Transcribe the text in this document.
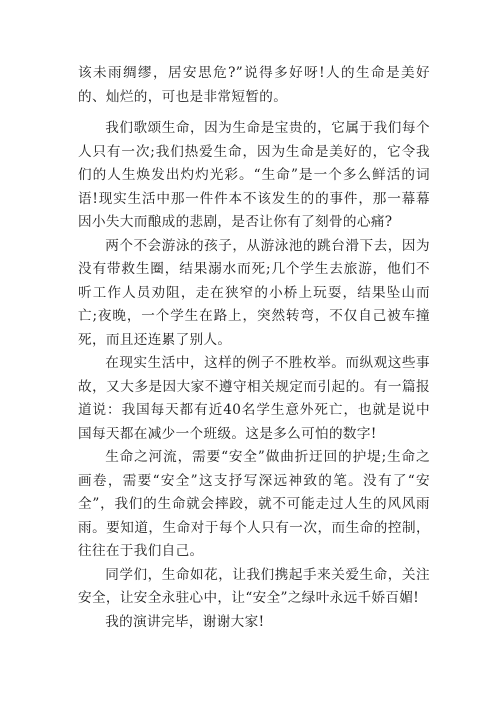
该未雨绸缪，居安思危?”说得多好呀!人的生命是美好的、灿烂的，可也是非常短暂的。

我们歌颂生命，因为生命是宝贵的，它属于我们每个人只有一次;我们热爱生命，因为生命是美好的，它令我们的人生焕发出灼灼光彩。“生命”是一个多么鲜活的词语!现实生活中那一件件本不该发生的的事件，那一幕幕因小失大而酿成的悲剧，是否让你有了刻骨的心痛?

两个不会游泳的孩子，从游泳池的跳台滑下去，因为没有带救生圈，结果溺水而死;几个学生去旅游，他们不听工作人员劝阻，走在狭窄的小桥上玩耍，结果坠山而亡;夜晚，一个学生在路上，突然转弯，不仅自己被车撞死，而且还连累了别人。

在现实生活中，这样的例子不胜枚举。而纵观这些事故，又大多是因大家不遵守相关规定而引起的。有一篇报道说：我国每天都有近40名学生意外死亡，也就是说中国每天都在减少一个班级。这是多么可怕的数字!

生命之河流，需要“安全”做曲折迂回的护堤;生命之画卷，需要“安全”这支抒写深远神致的笔。没有了“安全”，我们的生命就会摔跤，就不可能走过人生的风风雨雨。要知道，生命对于每个人只有一次，而生命的控制，往往在于我们自己。

同学们，生命如花，让我们携起手来关爱生命，关注安全，让安全永驻心中，让“安全”之绿叶永远千娇百媚!

我的演讲完毕，谢谢大家!
